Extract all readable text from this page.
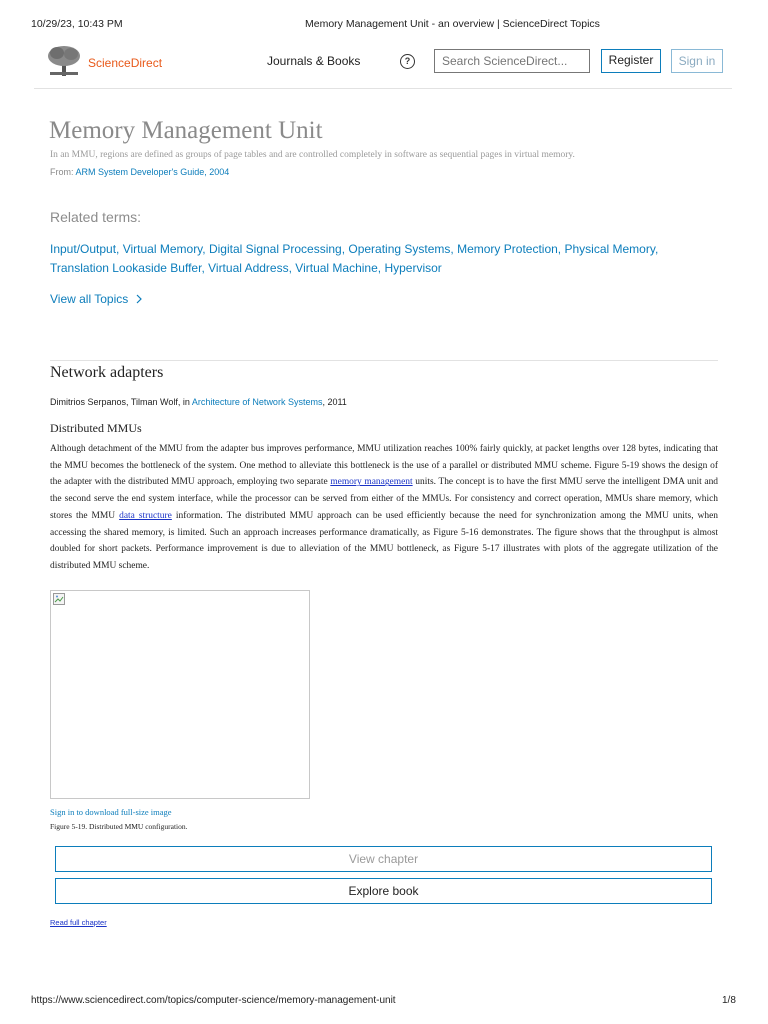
10/29/23, 10:43 PM	Memory Management Unit - an overview | ScienceDirect Topics
ScienceDirect	Journals & Books	?
Search ScienceDirect...	Register	Sign in
Memory Management Unit
In an MMU, regions are defined as groups of page tables and are controlled completely in software as sequential pages in virtual memory.
From: ARM System Developer's Guide, 2004
Related terms:
Input/Output, Virtual Memory, Digital Signal Processing, Operating Systems, Memory Protection, Physical Memory,
Translation Lookaside Buffer, Virtual Address, Virtual Machine, Hypervisor
View all Topics
Network adapters
Dimitrios Serpanos, Tilman Wolf, in Architecture of Network Systems, 2011
Distributed MMUs
Although detachment of the MMU from the adapter bus improves performance, MMU utilization reaches 100% fairly quickly, at packet lengths over 128 bytes, indicating that the MMU becomes the bottleneck of the system. One method to alleviate this bottleneck is the use of a parallel or distributed MMU scheme. Figure 5-19 shows the design of the adapter with the distributed MMU approach, employing two separate memory management units. The concept is to have the first MMU serve the intelligent DMA unit and the second serve the end system interface, while the processor can be served from either of the MMUs. For consistency and correct operation, MMUs share memory, which stores the MMU data structure information. The distributed MMU approach can be used efficiently because the need for synchronization among the MMU units, when accessing the shared memory, is limited. Such an approach increases performance dramatically, as Figure 5-16 demonstrates. The figure shows that the throughput is almost doubled for short packets. Performance improvement is due to alleviation of the MMU bottleneck, as Figure 5-17 illustrates with plots of the aggregate utilization of the distributed MMU scheme.
Sign in to download full-size image
Figure 5-19. Distributed MMU configuration.
View chapter
Explore book
Read full chapter
https://www.sciencedirect.com/topics/computer-science/memory-management-unit	1/8
